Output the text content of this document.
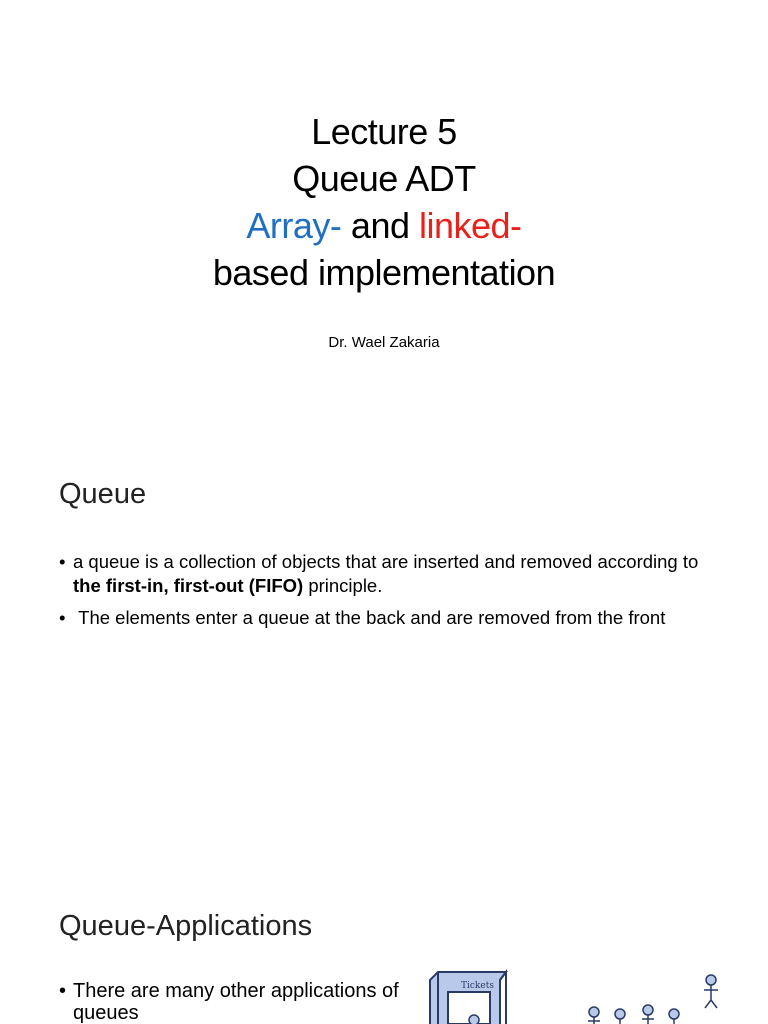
Lecture 5
Queue ADT
Array- and linked-
based implementation
Dr. Wael Zakaria
Queue
• a queue is a collection of objects that are inserted and removed according to the first-in, first-out (FIFO) principle.
• The elements enter a queue at the back and are removed from the front
Queue-Applications
• There are many other applications of queues
Tickets
